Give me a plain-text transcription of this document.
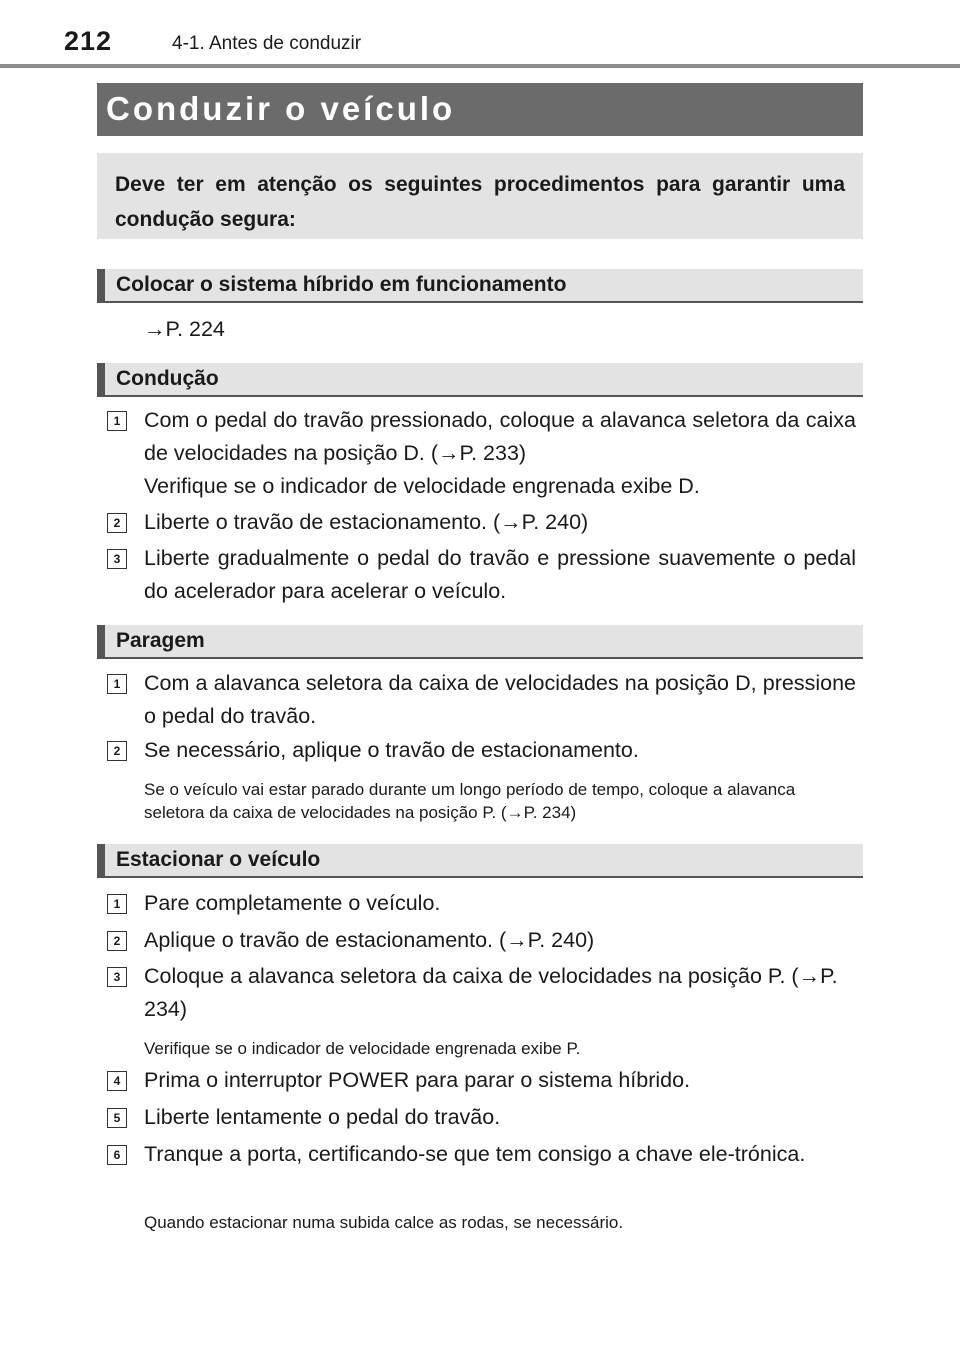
212	4-1. Antes de conduzir
Conduzir o veículo

Deve ter em atenção os seguintes procedimentos para garantir uma condução segura:

Colocar o sistema híbrido em funcionamento
→P. 224
Condução
1	Com o pedal do travão pressionado, coloque a alavanca seletora da caixa de velocidades na posição D. (→P. 233)
Verifique se o indicador de velocidade engrenada exibe D.
2	Liberte o travão de estacionamento. (→P. 240)
3	Liberte gradualmente o pedal do travão e pressione suavemente o pedal do acelerador para acelerar o veículo.
Paragem
1	Com a alavanca seletora da caixa de velocidades na posição D, pressione o pedal do travão.
2	Se necessário, aplique o travão de estacionamento.
Se o veículo vai estar parado durante um longo período de tempo, coloque a alavanca seletora da caixa de velocidades na posição P. (→P. 234)
Estacionar o veículo
1	Pare completamente o veículo.
2	Aplique o travão de estacionamento. (→P. 240)
3	Coloque a alavanca seletora da caixa de velocidades na posição P. (→P. 234)
Verifique se o indicador de velocidade engrenada exibe P.
4	Prima o interruptor POWER para parar o sistema híbrido.
5	Liberte lentamente o pedal do travão.
6	Tranque a porta, certificando-se que tem consigo a chave ele-trónica.
Quando estacionar numa subida calce as rodas, se necessário.
